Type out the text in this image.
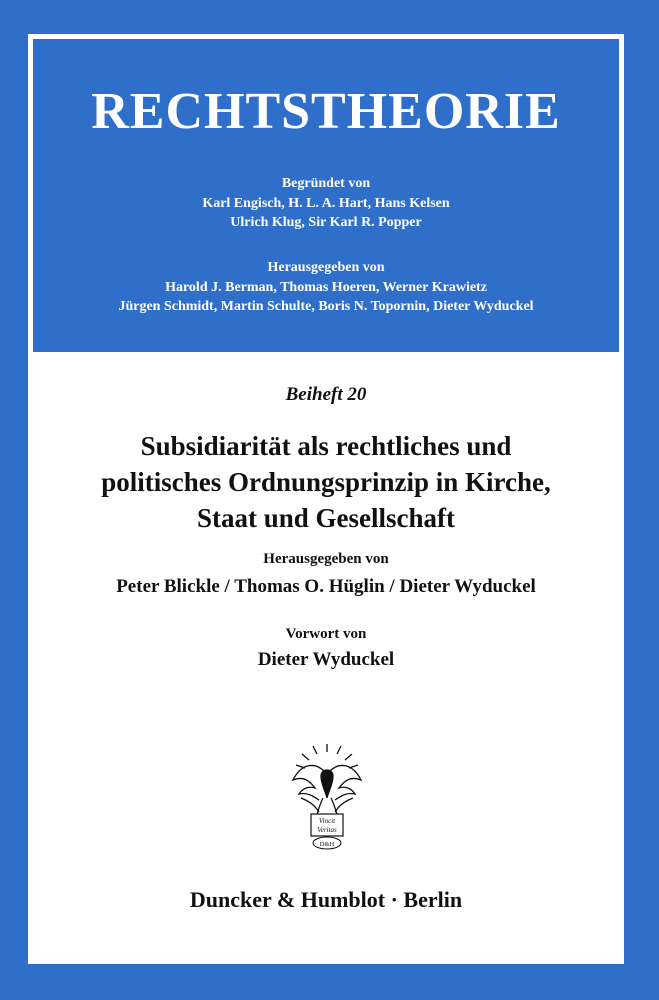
RECHTSTHEORIE
Begründet von
Karl Engisch, H. L. A. Hart, Hans Kelsen
Ulrich Klug, Sir Karl R. Popper
Herausgegeben von
Harold J. Berman, Thomas Hoeren, Werner Krawietz
Jürgen Schmidt, Martin Schulte, Boris N. Topornin, Dieter Wyduckel
Beiheft 20
Subsidiarität als rechtliches und
politisches Ordnungsprinzip in Kirche,
Staat und Gesellschaft
Herausgegeben von
Peter Blickle / Thomas O. Hüglin / Dieter Wyduckel
Vorwort von
Dieter Wyduckel
Vincit
Veritas
D&H
Duncker & Humblot · Berlin
